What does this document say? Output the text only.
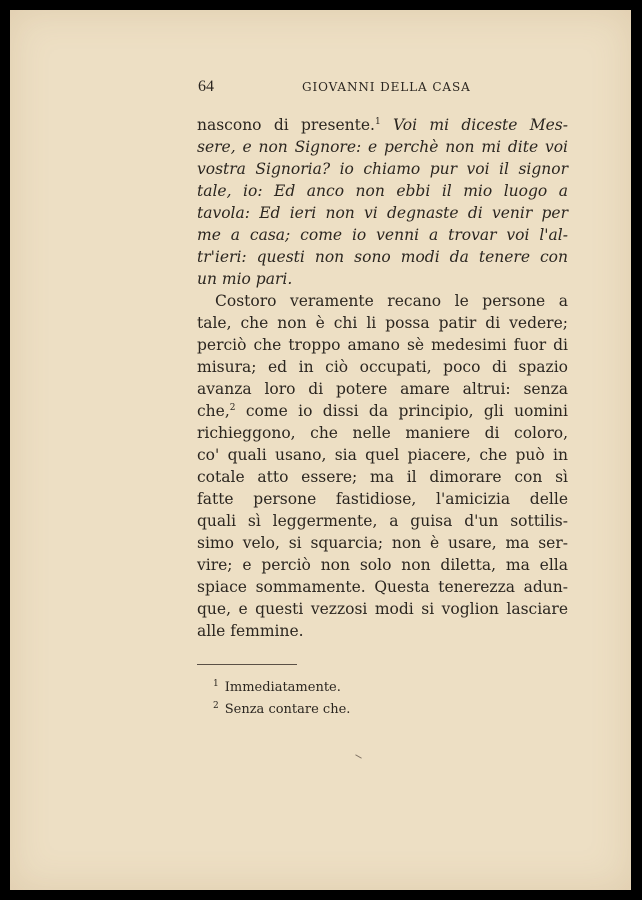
64	GIOVANNI DELLA CASA
nascono di presente.$^1$ Voi mi diceste Mes-
sere, e non Signore: e perchè non mi dite voi
vostra Signoria? io chiamo pur voi il signor
tale, io: Ed anco non ebbi il mio luogo a
tavola: Ed ieri non vi degnaste di venir per
me a casa; come io venni a trovar voi l'al-
tr'ieri: questi non sono modi da tenere con
un mio pari.
Costoro veramente recano le persone a
tale, che non è chi li possa patir di vedere;
perciò che troppo amano sè medesimi fuor di
misura; ed in ciò occupati, poco di spazio
avanza loro di potere amare altrui: senza
che,$^2$ come io dissi da principio, gli uomini
richieggono, che nelle maniere di coloro,
co' quali usano, sia quel piacere, che può in
cotale atto essere; ma il dimorare con sì
fatte persone fastidiose, l'amicizia delle
quali sì leggermente, a guisa d'un sottilis-
simo velo, si squarcia; non è usare, ma ser-
vire; e perciò non solo non diletta, ma ella
spiace sommamente. Questa tenerezza adun-
que, e questi vezzosi modi si voglion lasciare
alle femmine.
$^1$ Immediatamente.
$^2$ Senza contare che.
